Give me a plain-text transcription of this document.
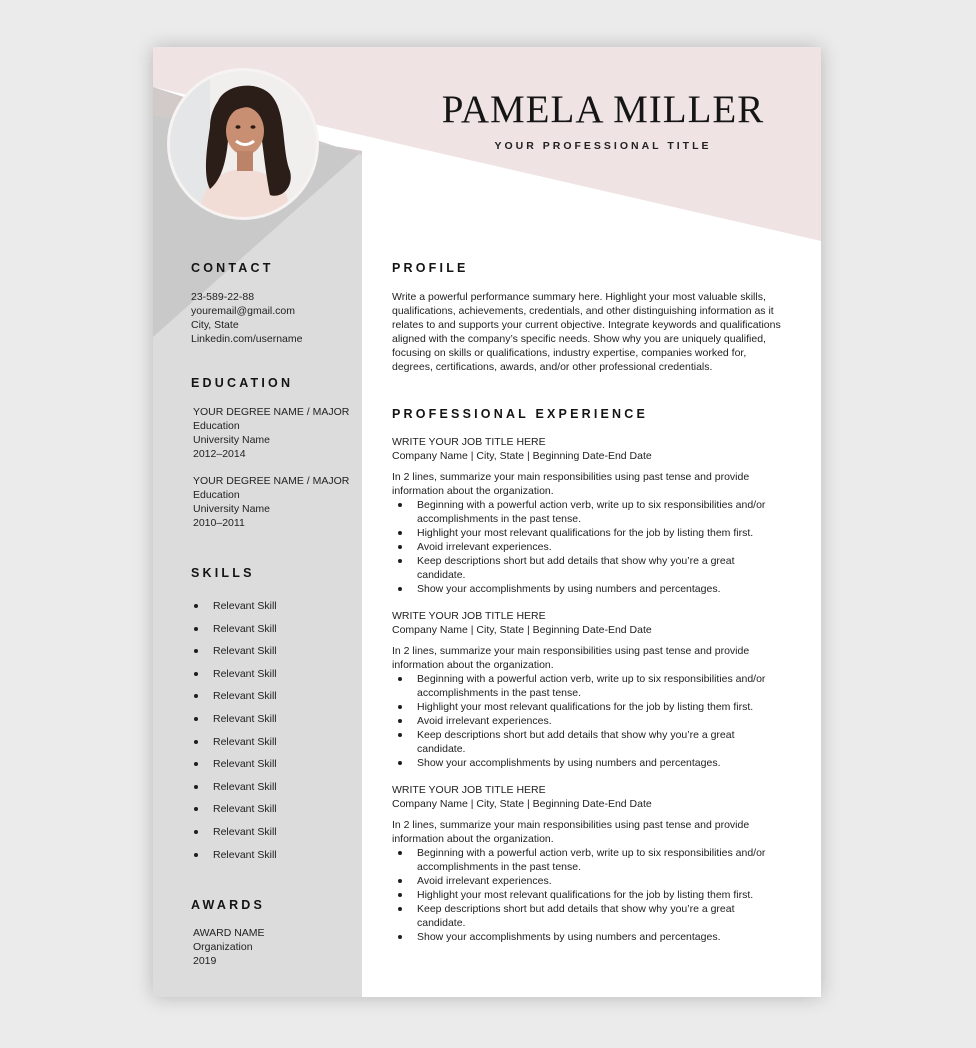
PAMELA MILLER
YOUR PROFESSIONAL TITLE
CONTACT
23-589-22-88
youremail@gmail.com
City, State
Linkedin.com/username
EDUCATION
YOUR DEGREE NAME / MAJOR
Education
University Name
2012–2014
YOUR DEGREE NAME / MAJOR
Education
University Name
2010–2011
SKILLS
Relevant Skill
Relevant Skill
Relevant Skill
Relevant Skill
Relevant Skill
Relevant Skill
Relevant Skill
Relevant Skill
Relevant Skill
Relevant Skill
Relevant Skill
Relevant Skill
AWARDS
AWARD NAME
Organization
2019
PROFILE

Write a powerful performance summary here. Highlight your most valuable skills, qualifications, achievements, credentials, and other distinguishing information as it relates to and supports your current objective. Integrate keywords and qualifications aligned with the company’s specific needs. Show why you are uniquely qualified, focusing on skills or qualifications, industry expertise, companies worked for, degrees, certifications, awards, and/or other professional credentials.

PROFESSIONAL EXPERIENCE
WRITE YOUR JOB TITLE HERE
Company Name | City, State | Beginning Date-End Date
In 2 lines, summarize your main responsibilities using past tense and provide information about the organization.
Beginning with a powerful action verb, write up to six responsibilities and/or accomplishments in the past tense.
Highlight your most relevant qualifications for the job by listing them first.
Avoid irrelevant experiences.
Keep descriptions short but add details that show why you’re a great candidate.
Show your accomplishments by using numbers and percentages.
WRITE YOUR JOB TITLE HERE
Company Name | City, State | Beginning Date-End Date
In 2 lines, summarize your main responsibilities using past tense and provide information about the organization.
Beginning with a powerful action verb, write up to six responsibilities and/or accomplishments in the past tense.
Highlight your most relevant qualifications for the job by listing them first.
Avoid irrelevant experiences.
Keep descriptions short but add details that show why you’re a great candidate.
Show your accomplishments by using numbers and percentages.
WRITE YOUR JOB TITLE HERE
Company Name | City, State | Beginning Date-End Date
In 2 lines, summarize your main responsibilities using past tense and provide information about the organization.
Beginning with a powerful action verb, write up to six responsibilities and/or accomplishments in the past tense.
Avoid irrelevant experiences.
Highlight your most relevant qualifications for the job by listing them first.
Keep descriptions short but add details that show why you’re a great candidate.
Show your accomplishments by using numbers and percentages.
